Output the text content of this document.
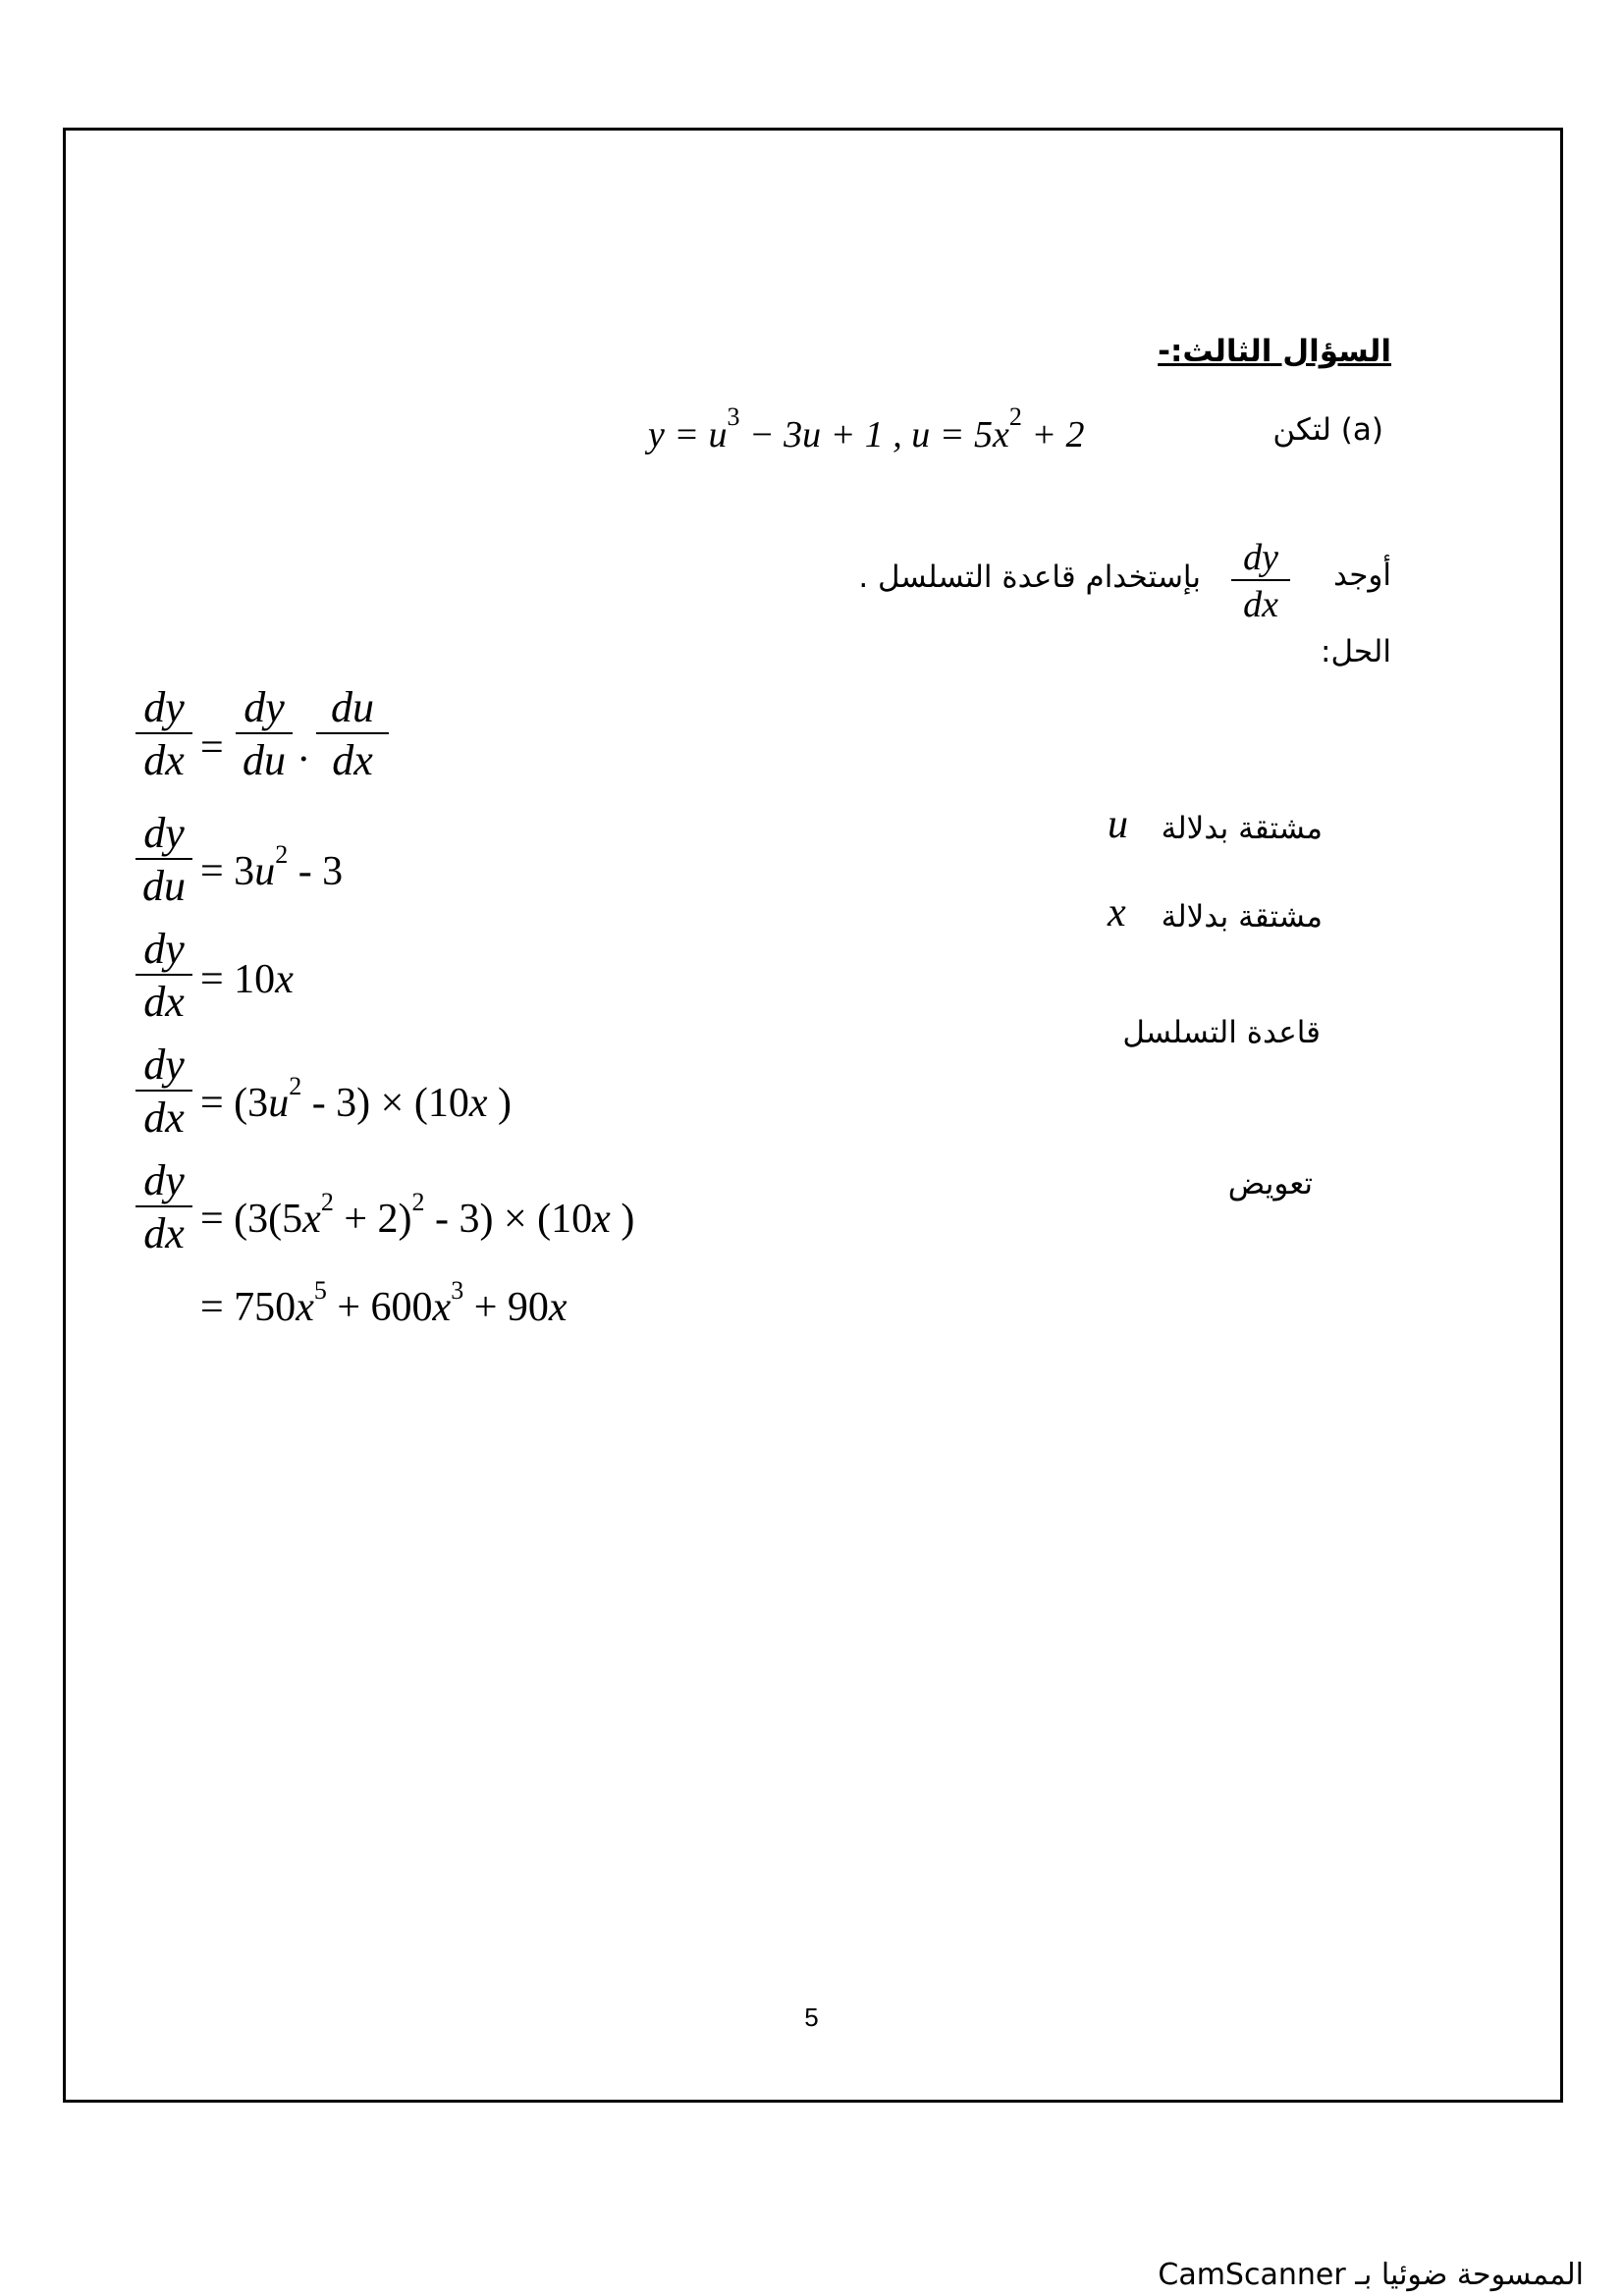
السؤال الثالث:-
(a) لتكن
$y = u^3 - 3u + 1$ , $u = 5x^2 + 2$
أوجد
dy
dx
بإستخدام قاعدة التسلسل .
الحل:
مشتقة بدلالة
u
مشتقة بدلالة
x
قاعدة التسلسل
تعويض
dy
dx =
dy
du .
du
dx
dy
du = $3u^2 - 3$
dy
dx = 10x
dy
dx = $(3u^2 - 3) \times (10x$ )
dy
dx = $(3(5x^2 + 2)^2 - 3) \times (10x$ )
= $750x^5 + 600x^3 + 90x$
5
الممسوحة ضوئيا بـ CamScanner
